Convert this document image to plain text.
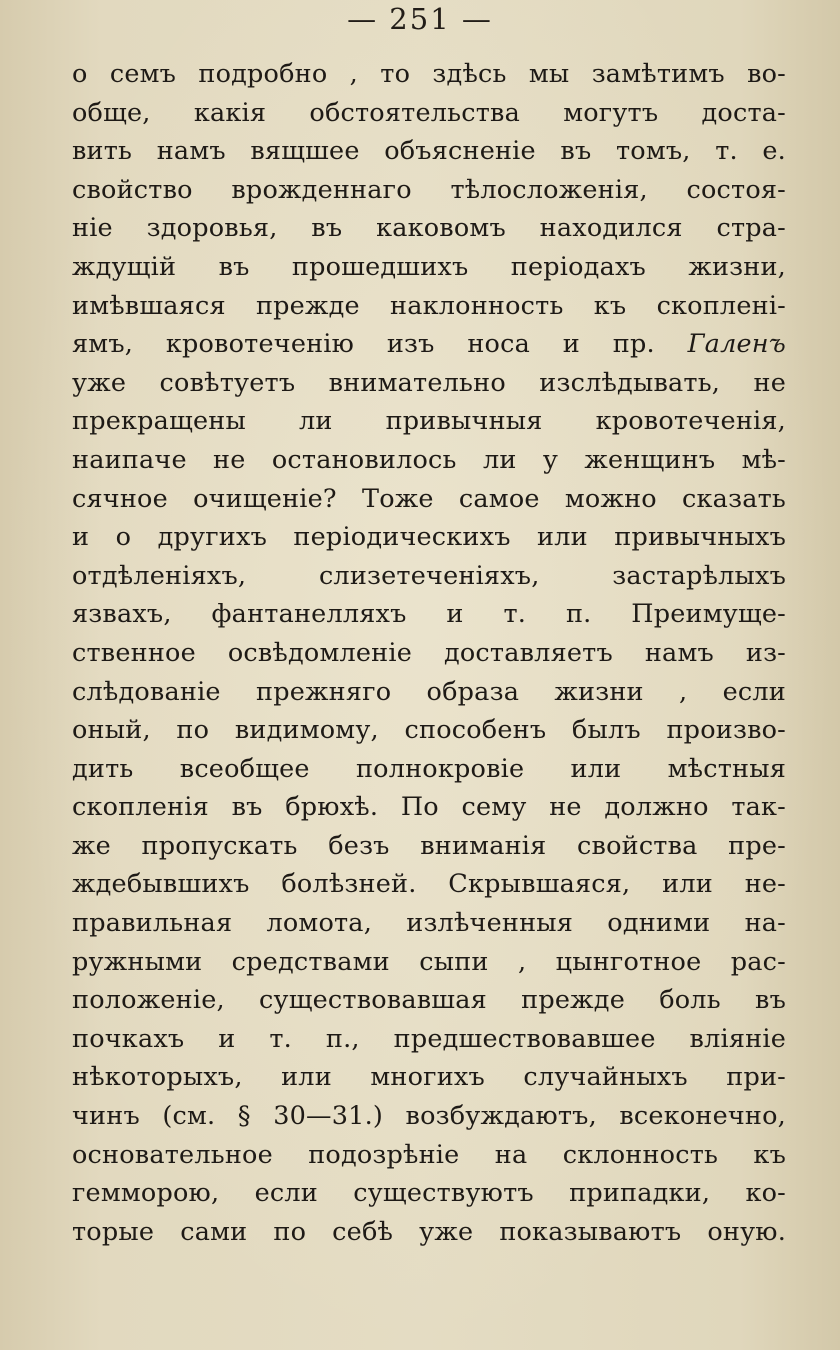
— 251 —
о семъ подробно , то здѣсь мы замѣтимъ во-
обще, какія обстоятельства могутъ доста-
вить намъ вящшее объясненіе въ томъ, т. е.
свойство врожденнаго тѣлосложенія, состоя-
ніе здоровья, въ каковомъ находился стра-
ждущій въ прошедшихъ періодахъ жизни,
имѣвшаяся прежде наклонность къ скопленi-
ямъ, кровотеченію изъ носа и пр. Галенъ
уже совѣтуетъ внимательно изслѣдывать, не
прекращены ли привычныя кровотеченія,
наипаче не остановилось ли у женщинъ мѣ-
сячное очищеніе? Тоже самое можно сказать
и о другихъ періодическихъ или привычныхъ
отдѣленіяхъ, слизетеченіяхъ, застарѣлыхъ
язвахъ, фантанелляхъ и т. п. Преимуще-
ственное освѣдомленіе доставляетъ намъ из-
слѣдованіе прежняго образа жизни , если
оный, по видимому, способенъ былъ произво-
дить всеобщее полнокровіе или мѣстныя
скопленія въ брюхѣ. По сему не должно так-
же пропускать безъ вниманія свойства пре-
ждебывшихъ болѣзней. Скрывшаяся, или не-
правильная ломота, излѣченныя одними на-
ружными средствами сыпи , цынготное рас-
положеніе, существовавшая прежде боль въ
почкахъ и т. п., предшествовавшее вліяніе
нѣкоторыхъ, или многихъ случайныхъ при-
чинъ (см. § 30—31.) возбуждаютъ, всеконечно,
основательное подозрѣніе на склонность къ
гемморою, если существуютъ припадки, ко-
торые сами по себѣ уже показываютъ оную.
